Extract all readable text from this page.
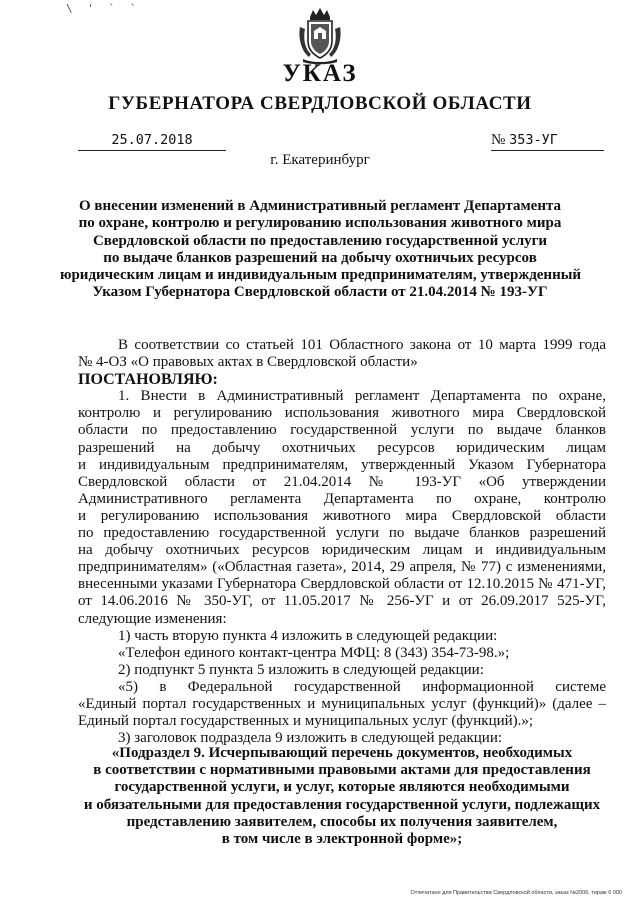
\ ' ` `
УКАЗ
ГУБЕРНАТОРА СВЕРДЛОВСКОЙ ОБЛАСТИ
25.07.2018	№ 353-УГ
г. Екатеринбург
О внесении изменений в Административный регламент Департамента
по охране, контролю и регулированию использования животного мира
Свердловской области по предоставлению государственной услуги
по выдаче бланков разрешений на добычу охотничьих ресурсов
юридическим лицам и индивидуальным предпринимателям, утвержденный
Указом Губернатора Свердловской области от 21.04.2014 № 193-УГ
В соответствии со статьей 101 Областного закона от 10 марта 1999 года
№ 4-ОЗ «О правовых актах в Свердловской области»
ПОСТАНОВЛЯЮ:
1. Внести в Административный регламент Департамента по охране,
контролю и регулированию использования животного мира Свердловской
области по предоставлению государственной услуги по выдаче бланков
разрешений на добычу охотничьих ресурсов юридическим лицам
и индивидуальным предпринимателям, утвержденный Указом Губернатора
Свердловской области от 21.04.2014 № 193-УГ «Об утверждении
Административного регламента Департамента по охране, контролю
и регулированию использования животного мира Свердловской области
по предоставлению государственной услуги по выдаче бланков разрешений
на добычу охотничьих ресурсов юридическим лицам и индивидуальным
предпринимателям» («Областная газета», 2014, 29 апреля, № 77) с изменениями,
внесенными указами Губернатора Свердловской области от 12.10.2015 № 471-УГ,
от 14.06.2016 № 350-УГ, от 11.05.2017 № 256-УГ и от 26.09.2017 525-УГ,
следующие изменения:
1) часть вторую пункта 4 изложить в следующей редакции:
«Телефон единого контакт-центра МФЦ: 8 (343) 354-73-98.»;
2) подпункт 5 пункта 5 изложить в следующей редакции:
«5) в Федеральной государственной информационной системе
«Единый портал государственных и муниципальных услуг (функций)» (далее –
Единый портал государственных и муниципальных услуг (функций).»;
3) заголовок подраздела 9 изложить в следующей редакции:
«Подраздел 9. Исчерпывающий перечень документов, необходимых
в соответствии с нормативными правовыми актами для предоставления
государственной услуги, и услуг, которые являются необходимыми
и обязательными для предоставления государственной услуги, подлежащих
представлению заявителем, способы их получения заявителем,
в том числе в электронной форме»;
Отпечатано для Правительства Свердловской области, заказ №2006, тираж 6 000
